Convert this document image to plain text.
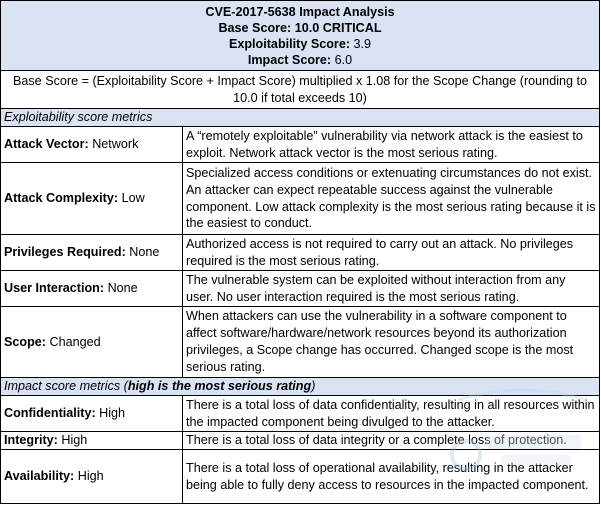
CVE-2017-5638 Impact Analysis
Base Score: 10.0 CRITICAL
Exploitability Score: 3.9
Impact Score: 6.0	

Base Score = (Exploitability Score + Impact Score) multiplied x 1.08 for the Scope Change (rounding to 10.0 if total exceeds 10)	
Exploitability score metrics	
Attack Vector: Network	A “remotely exploitable” vulnerability via network attack is the easiest to exploit. Network attack vector is the most serious rating.
Attack Complexity: Low	Specialized access conditions or extenuating circumstances do not exist. An attacker can expect repeatable success against the vulnerable component. Low attack complexity is the most serious rating because it is the easiest to conduct.
Privileges Required: None	Authorized access is not required to carry out an attack. No privileges required is the most serious rating.
User Interaction: None	The vulnerable system can be exploited without interaction from any user. No user interaction required is the most serious rating.
Scope: Changed	When attackers can use the vulnerability in a software component to affect software/hardware/network resources beyond its authorization privileges, a Scope change has occurred. Changed scope is the most serious rating.
Impact score metrics (high is the most serious rating)	
Confidentiality: High	There is a total loss of data confidentiality, resulting in all resources within the impacted component being divulged to the attacker.
Integrity: High	There is a total loss of data integrity or a complete loss of protection.
Availability: High	There is a total loss of operational availability, resulting in the attacker being able to fully deny access to resources in the impacted component.
